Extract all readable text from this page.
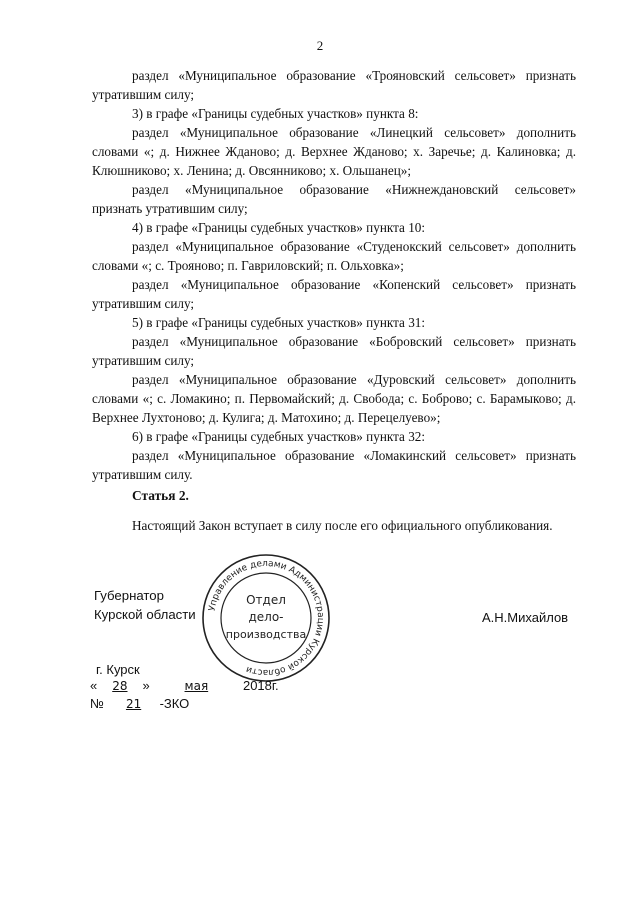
2

раздел «Муниципальное образование «Трояновский сельсовет» признать утратившим силу;

3) в графе «Границы судебных участков» пункта 8:

раздел «Муниципальное образование «Линецкий сельсовет» дополнить словами «; д. Нижнее Жданово; д. Верхнее Жданово; х. Заречье; д. Калиновка; д. Клюшниково; х. Ленина; д. Овсянниково; х. Ольшанец»;

раздел «Муниципальное образование «Нижнеждановский сельсовет» признать утратившим силу;

4) в графе «Границы судебных участков» пункта 10:

раздел «Муниципальное образование «Студенокский сельсовет» дополнить словами «; с. Трояново; п. Гавриловский; п. Ольховка»;

раздел «Муниципальное образование «Копенский сельсовет» признать утратившим силу;

5) в графе «Границы судебных участков» пункта 31:

раздел «Муниципальное образование «Бобровский сельсовет» признать утратившим силу;

раздел «Муниципальное образование «Дуровский сельсовет» дополнить словами «; с. Ломакино; п. Первомайский; д. Свобода; с. Боброво; с. Барамыково; д. Верхнее Лухтоново; д. Кулига; д. Матохино; д. Перецелуево»;

6) в графе «Границы судебных участков» пункта 32:

раздел «Муниципальное образование «Ломакинский сельсовет» признать утратившим силу.

Статья 2.

Настоящий Закон вступает в силу после его официального опубликования.

Губернатор
Курской области Управление делами Администрации Курской области
Отдел
дело-
производства
А.Н.Михайлов
г. Курск
« 28 »	мая	2018г.
№ 21 -ЗКО
